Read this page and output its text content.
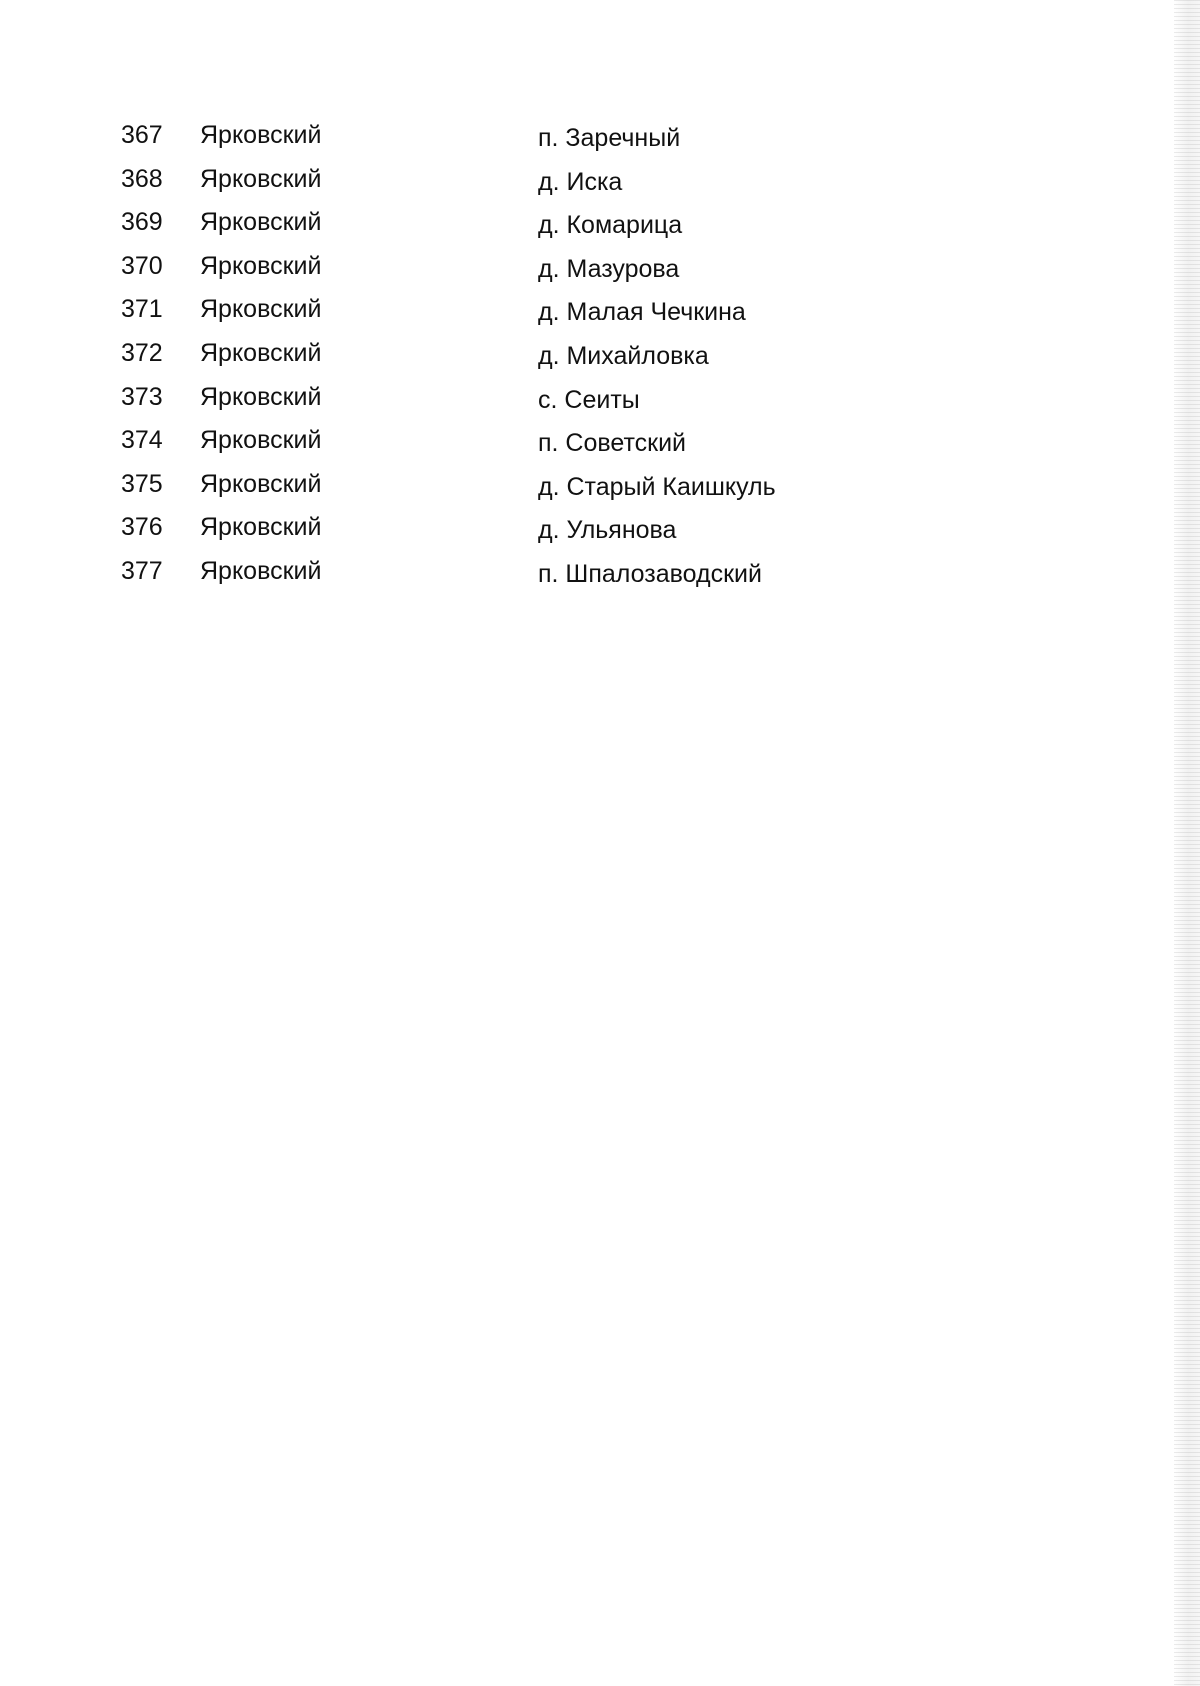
367 Ярковский	п. Заречный
368 Ярковский	д. Иска
369 Ярковский	д. Комарица
370 Ярковский	д. Мазурова
371 Ярковский	д. Малая Чечкина
372 Ярковский	д. Михайловка
373 Ярковский	с. Сеиты
374 Ярковский	п. Советский
375 Ярковский	д. Старый Каишкуль
376 Ярковский	д. Ульянова
377 Ярковский	п. Шпалозаводский
